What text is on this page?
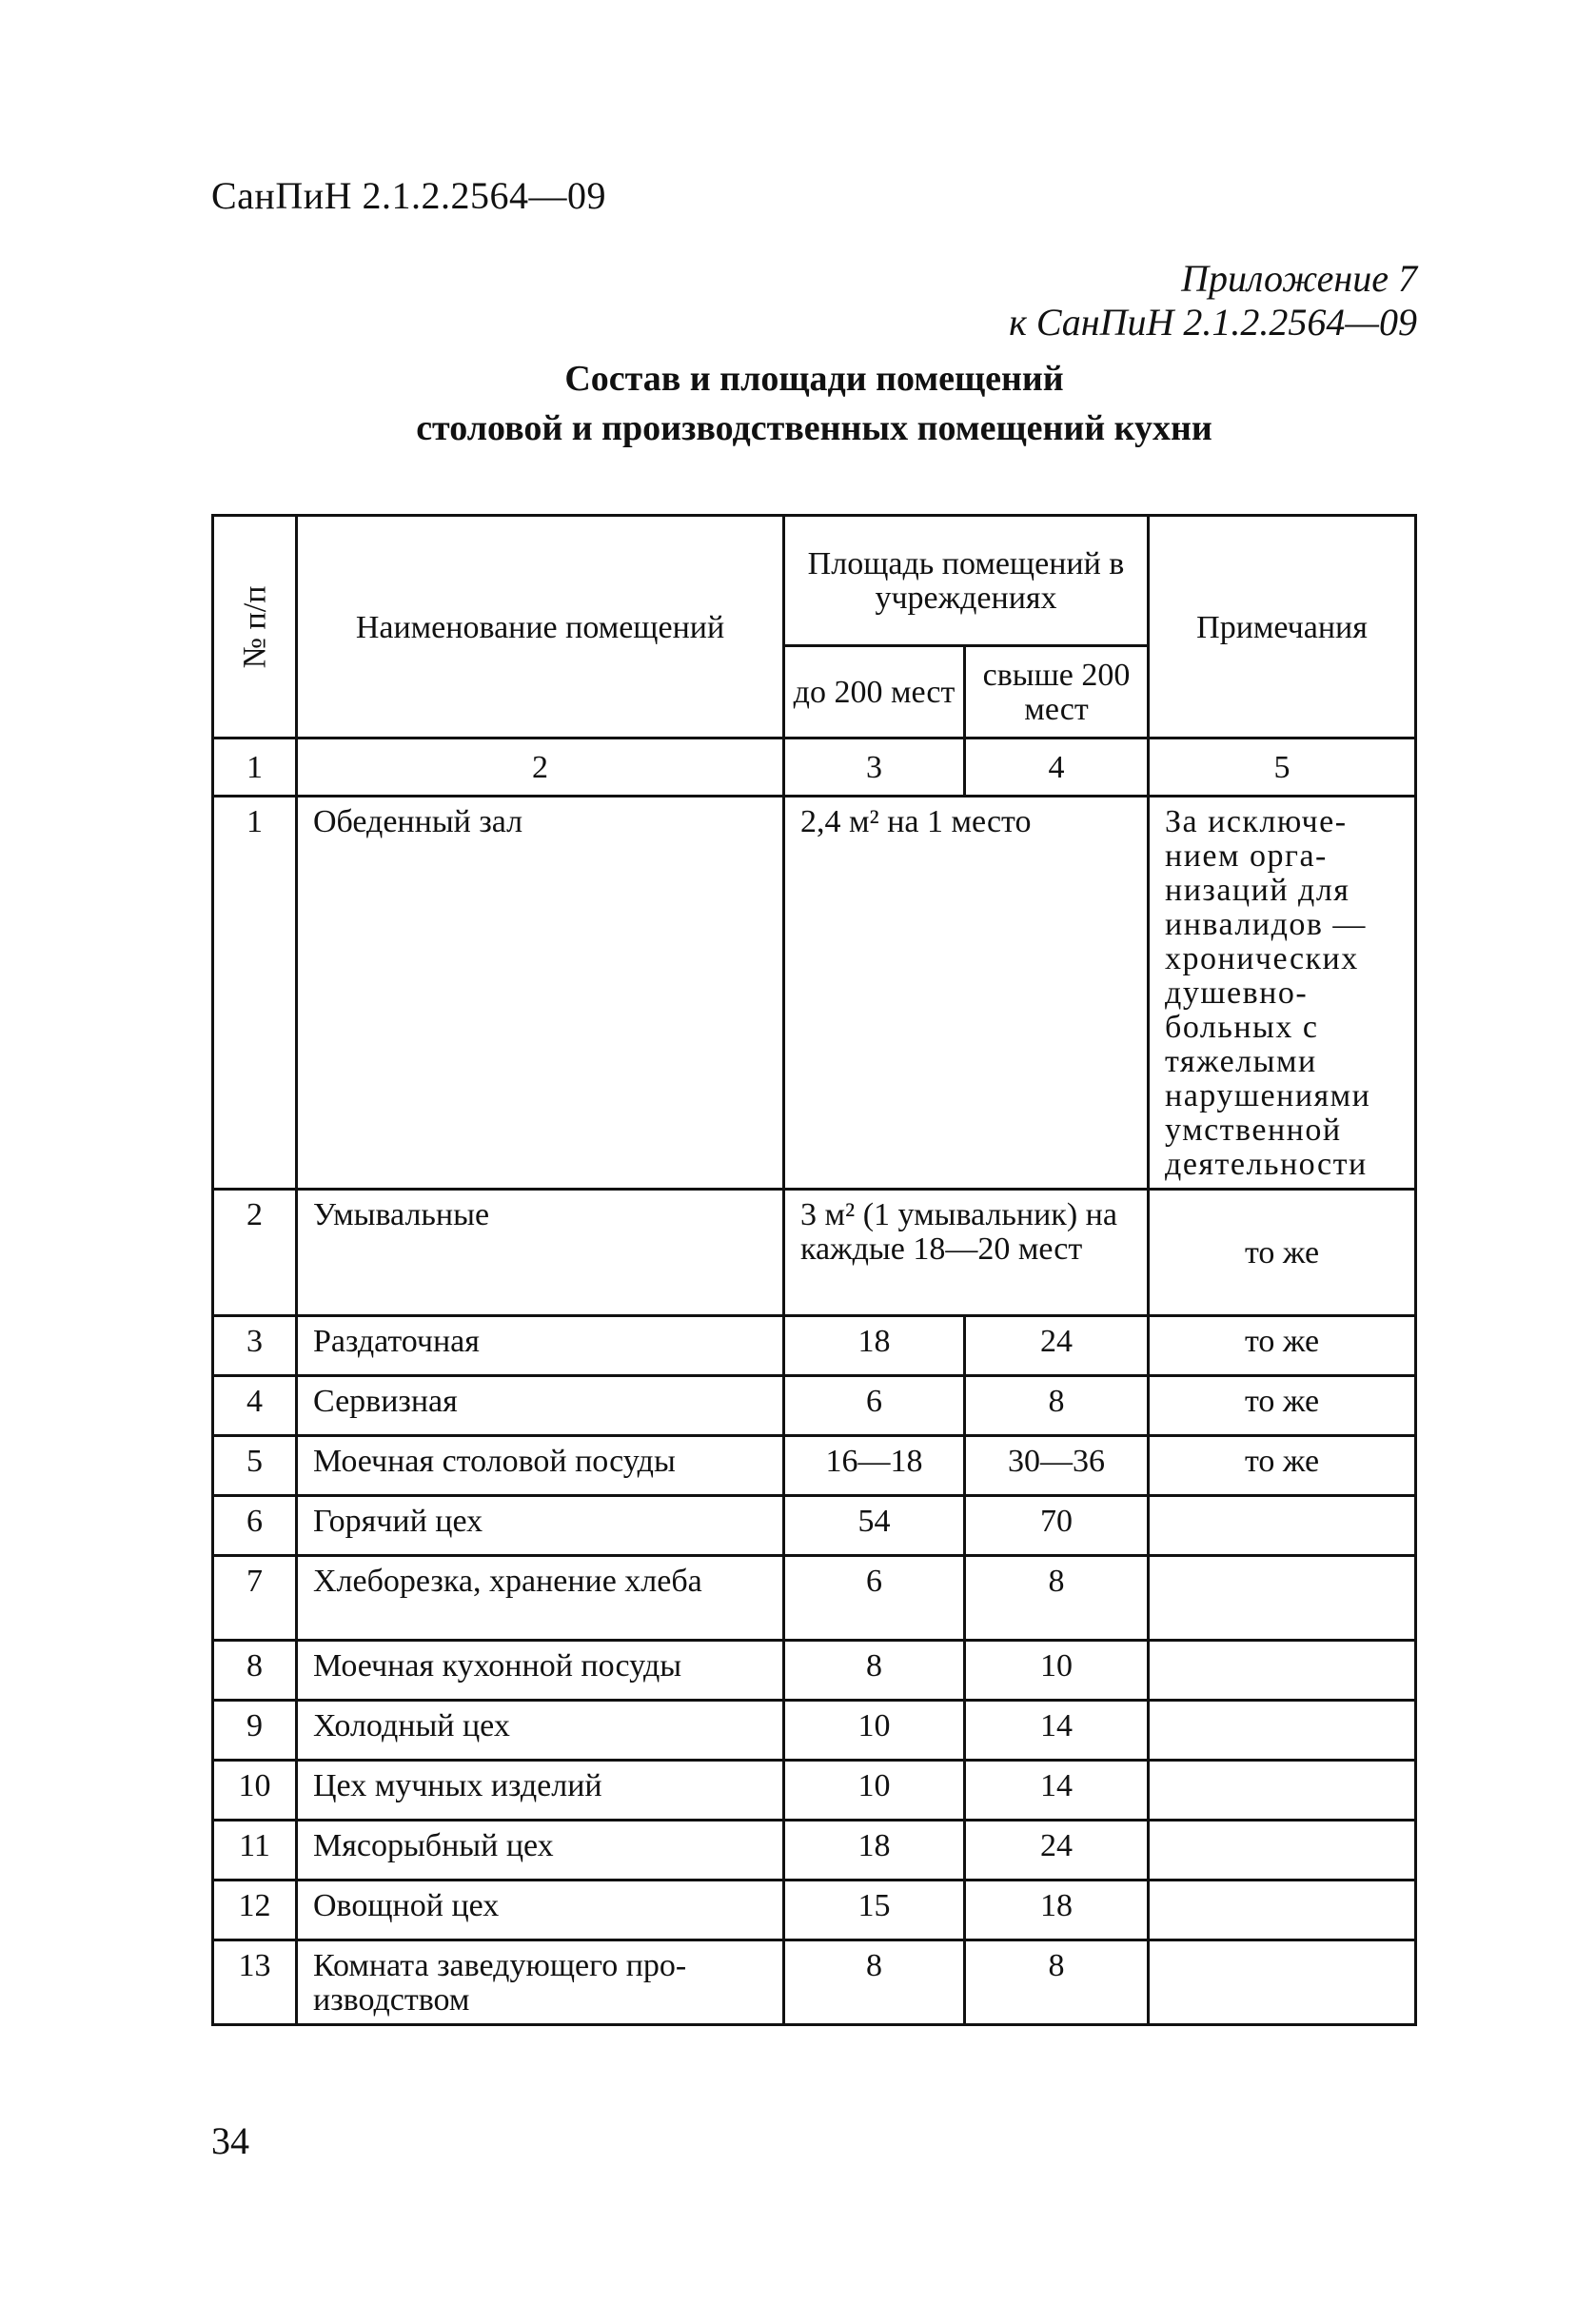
СанПиН 2.1.2.2564—09
Приложение 7
к СанПиН 2.1.2.2564—09
Состав и площади помещений
столовой и производственных помещений кухни
№ п/п	Наименование помещений	Площадь помещений в учреждениях		Примечания
		до 200 мест	свыше 200 мест	
1	2	3	4	5
1	Обеденный зал	2,4 м² на 1 место		За исключе-нием орга-низаций для инвалидов — хронических душевно-больных с тяжелыми нарушениями умственной деятельности
2	Умывальные	3 м² (1 умывальник) на каждые 18—20 мест		то же
3	Раздаточная	18	24	то же
4	Сервизная	6	8	то же
5	Моечная столовой посуды	16—18	30—36	то же
6	Горячий цех	54	70	
7	Хлеборезка, хранение хлеба	6	8	
8	Моечная кухонной посуды	8	10	
9	Холодный цех	10	14	
10	Цех мучных изделий	10	14	
11	Мясорыбный цех	18	24	
12	Овощной цех	15	18	
13	Комната заведующего про-изводством	8	8	
34
